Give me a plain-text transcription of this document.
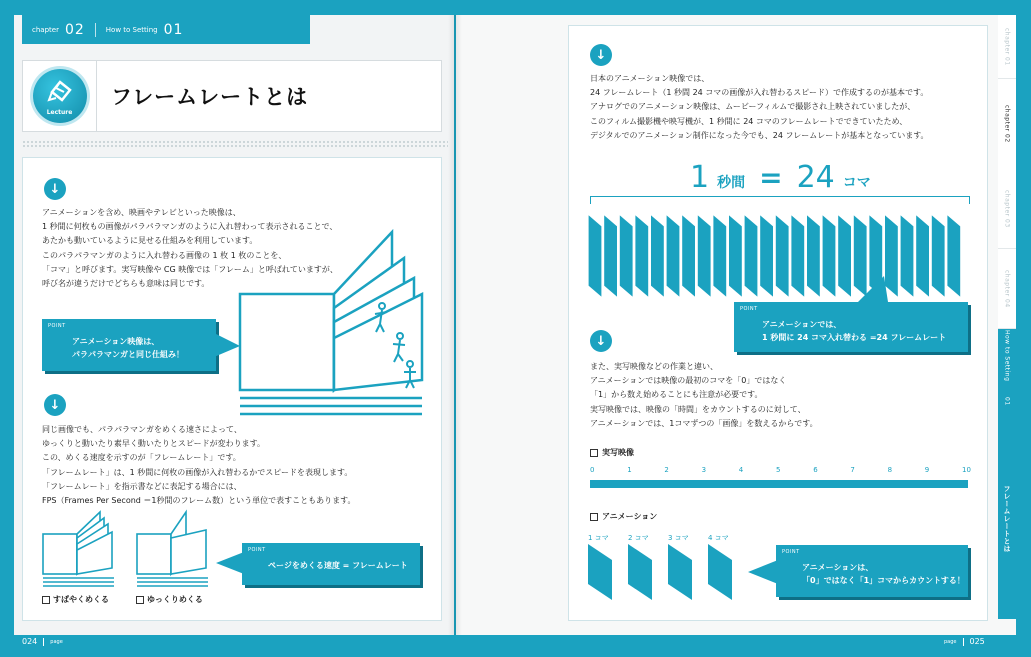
chapter 02	How to Setting 01
Lecture
フレームレートとは
↓
アニメーションを含め、映画やテレビといった映像は、
1 秒間に何枚もの画像がパラパラマンガのように入れ替わって表示されることで、
あたかも動いているように見せる仕組みを利用しています。
このパラパラマンガのように入れ替わる画像の 1 枚 1 枚のことを、
「コマ」と呼びます。実写映像や CG 映像では「フレーム」と呼ばれていますが、
呼び名が違うだけでどちらも意味は同じです。
POINT
アニメーション映像は、
パラパラマンガと同じ仕組み！
↓
同じ画像でも、パラパラマンガをめくる速さによって、
ゆっくりと動いたり素早く動いたりとスピードが変わります。
この、めくる速度を示すのが「フレームレート」です。
「フレームレート」は、1 秒間に何枚の画像が入れ替わるかでスピードを表現します。
「フレームレート」を指示書などに表記する場合には、
FPS（Frames Per Second ＝1秒間のフレーム数）という単位で表すこともあります。
すばやくめくる	ゆっくりめくる
POINT
ページをめくる速度 = フレームレート
↓
日本のアニメーション映像では、
24 フレームレート（1 秒間 24 コマの画像が入れ替わるスピード）で作成するのが基本です。
アナログでのアニメーション映像は、ムービーフィルムで撮影され上映されていましたが、
このフィルム撮影機や映写機が、1 秒間に 24 コマのフレームレートでできていたため、
デジタルでのアニメーション制作になった今でも、24 フレームレートが基本となっています。
1 秒間 = 24 コマ
POINT
アニメーションでは、
1 秒間に 24 コマ入れ替わる =24 フレームレート
↓
また、実写映像などの作業と違い、
アニメーションでは映像の最初のコマを「0」ではなく
「1」から数え始めることにも注意が必要です。
実写映像では、映像の「時間」をカウントするのに対して、
アニメーションでは、1コマずつの「画像」を数えるからです。
実写映像
0	1	2	3	4	5	6	7	8	9	10
アニメーション
1 コマ	2 コマ	3 コマ	4 コマ
POINT
アニメーションは、
「0」ではなく「1」コマからカウントする！
chapter 01
chapter 02
chapter 03
chapter 04
How to Setting
01
フレームレートとは
024	page	page 025
